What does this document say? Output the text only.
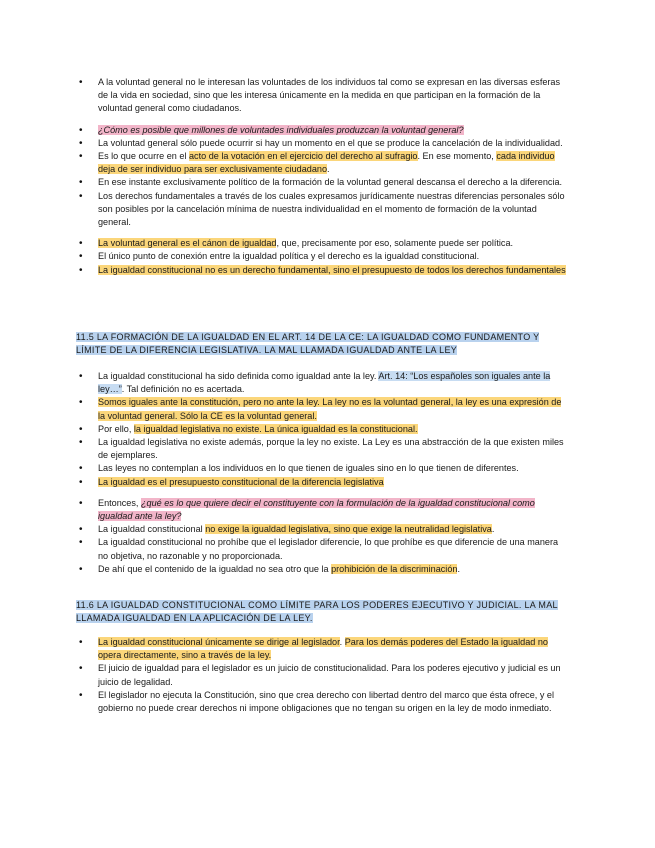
• A la voluntad general no le interesan las voluntades de los individuos tal como se expresan en las diversas esferas de la vida en sociedad, sino que les interesa únicamente en la medida en que participan en la formación de la voluntad general como ciudadanos.
• ¿Cómo es posible que millones de voluntades individuales produzcan la voluntad general?
• La voluntad general sólo puede ocurrir si hay un momento en el que se produce la cancelación de la individualidad.
• Es lo que ocurre en el acto de la votación en el ejercicio del derecho al sufragio. En ese momento, cada individuo deja de ser individuo para ser exclusivamente ciudadano.
• En ese instante exclusivamente político de la formación de la voluntad general descansa el derecho a la diferencia.
• Los derechos fundamentales a través de los cuales expresamos jurídicamente nuestras diferencias personales sólo son posibles por la cancelación mínima de nuestra individualidad en el momento de formación de la voluntad general.
• La voluntad general es el cánon de igualdad, que, precisamente por eso, solamente puede ser política.
• El único punto de conexión entre la igualdad política y el derecho es la igualdad constitucional.
• La igualdad constitucional no es un derecho fundamental, sino el presupuesto de todos los derechos fundamentales
11.5 LA FORMACIÓN DE LA IGUALDAD EN EL ART. 14 DE LA CE: LA IGUALDAD COMO FUNDAMENTO Y LÍMITE DE LA DIFERENCIA LEGISLATIVA. LA MAL LLAMADA IGUALDAD ANTE LA LEY
• La igualdad constitucional ha sido definida como igualdad ante la ley. Art. 14: “Los españoles son iguales ante la ley…”. Tal definición no es acertada.
• Somos iguales ante la constitución, pero no ante la ley. La ley no es la voluntad general, la ley es una expresión de la voluntad general. Sólo la CE es la voluntad general.
• Por ello, la igualdad legislativa no existe. La única igualdad es la constitucional.
• La igualdad legislativa no existe además, porque la ley no existe. La Ley es una abstracción de la que existen miles de ejemplares.
• Las leyes no contemplan a los individuos en lo que tienen de iguales sino en lo que tienen de diferentes.
• La igualdad es el presupuesto constitucional de la diferencia legislativa
• Entonces, ¿qué es lo que quiere decir el constituyente con la formulación de la igualdad constitucional como igualdad ante la ley?
• La igualdad constitucional no exige la igualdad legislativa, sino que exige la neutralidad legislativa.
• La igualdad constitucional no prohíbe que el legislador diferencie, lo que prohíbe es que diferencie de una manera no objetiva, no razonable y no proporcionada.
• De ahí que el contenido de la igualdad no sea otro que la prohibición de la discriminación.
11.6 LA IGUALDAD CONSTITUCIONAL COMO LÍMITE PARA LOS PODERES EJECUTIVO Y JUDICIAL. LA MAL LLAMADA IGUALDAD EN LA APLICACIÓN DE LA LEY.
• La igualdad constitucional únicamente se dirige al legislador. Para los demás poderes del Estado la igualdad no opera directamente, sino a través de la ley.
• El juicio de igualdad para el legislador es un juicio de constitucionalidad. Para los poderes ejecutivo y judicial es un juicio de legalidad.
• El legislador no ejecuta la Constitución, sino que crea derecho con libertad dentro del marco que ésta ofrece, y el gobierno no puede crear derechos ni impone obligaciones que no tengan su origen en la ley de modo inmediato.
